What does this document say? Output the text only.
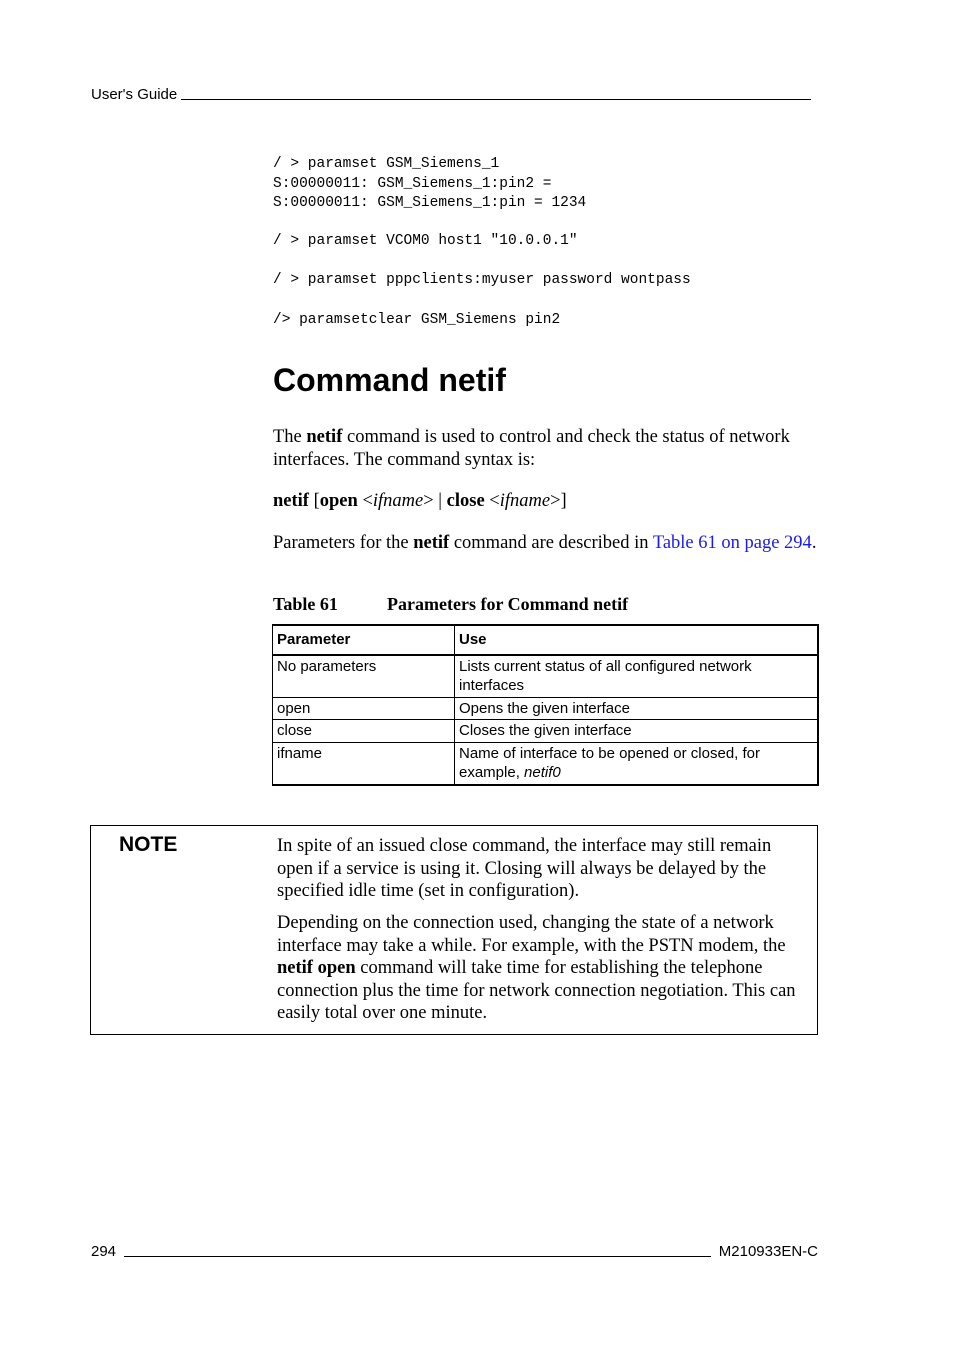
User's Guide
/ > paramset GSM_Siemens_1
S:00000011: GSM_Siemens_1:pin2 =
S:00000011: GSM_Siemens_1:pin = 1234
/ > paramset VCOM0 host1 "10.0.0.1"
/ > paramset pppclients:myuser password wontpass
/> paramsetclear GSM_Siemens pin2
Command netif

The netif command is used to control and check the status of network interfaces. The command syntax is:

netif [open <ifname> | close <ifname>]

Parameters for the netif command are described in Table 61 on page 294.

Table 61	Parameters for Command netif
Parameter	Use
No parameters	Lists current status of all configured network interfaces
open	Opens the given interface
close	Closes the given interface
ifname	Name of interface to be opened or closed, for example, netif0
NOTE	In spite of an issued close command, the interface may still remain open if a service is using it. Closing will always be delayed by the specified idle time (set in configuration).

Depending on the connection used, changing the state of a network interface may take a while. For example, with the PSTN modem, the netif open command will take time for establishing the telephone connection plus the time for network connection negotiation. This can easily total over one minute.

294	M210933EN-C
